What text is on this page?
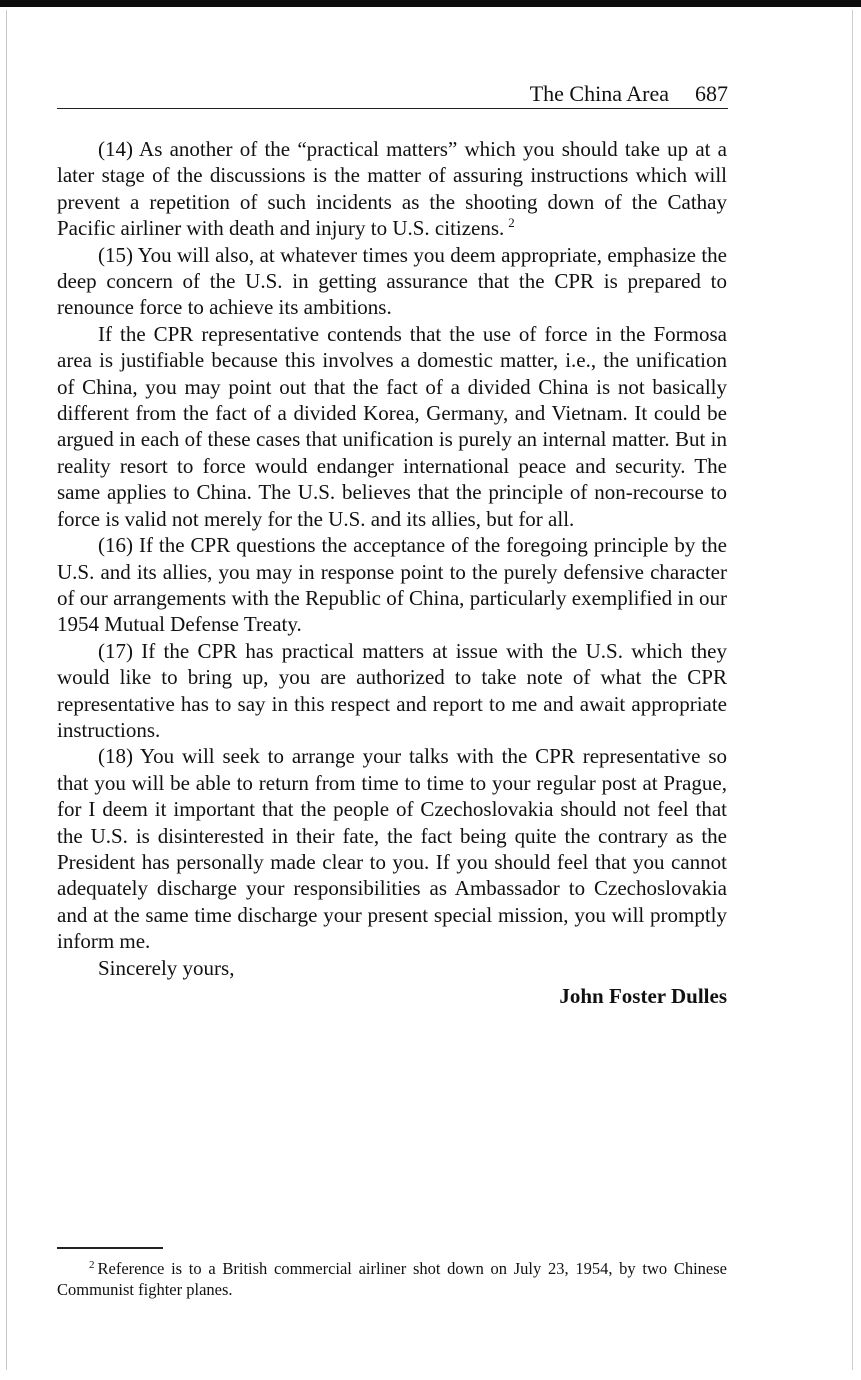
The China Area 687

(14) As another of the “practical matters” which you should take up at a later stage of the discussions is the matter of assuring instructions which will prevent a repetition of such incidents as the shooting down of the Cathay Pacific airliner with death and injury to U.S. citizens. $^2$

(15) You will also, at whatever times you deem appropriate, emphasize the deep concern of the U.S. in getting assurance that the CPR is prepared to renounce force to achieve its ambitions.

If the CPR representative contends that the use of force in the Formosa area is justifiable because this involves a domestic matter, i.e., the unification of China, you may point out that the fact of a divided China is not basically different from the fact of a divided Korea, Germany, and Vietnam. It could be argued in each of these cases that unification is purely an internal matter. But in reality resort to force would endanger international peace and security. The same applies to China. The U.S. believes that the principle of non-recourse to force is valid not merely for the U.S. and its allies, but for all.

(16) If the CPR questions the acceptance of the foregoing principle by the U.S. and its allies, you may in response point to the purely defensive character of our arrangements with the Republic of China, particularly exemplified in our 1954 Mutual Defense Treaty.

(17) If the CPR has practical matters at issue with the U.S. which they would like to bring up, you are authorized to take note of what the CPR representative has to say in this respect and report to me and await appropriate instructions.

(18) You will seek to arrange your talks with the CPR representative so that you will be able to return from time to time to your regular post at Prague, for I deem it important that the people of Czechoslovakia should not feel that the U.S. is disinterested in their fate, the fact being quite the contrary as the President has personally made clear to you. If you should feel that you cannot adequately discharge your responsibilities as Ambassador to Czechoslovakia and at the same time discharge your present special mission, you will promptly inform me.

Sincerely yours,

John Foster Dulles
$^2$ Reference is to a British commercial airliner shot down on July 23, 1954, by two Chinese Communist fighter planes.
